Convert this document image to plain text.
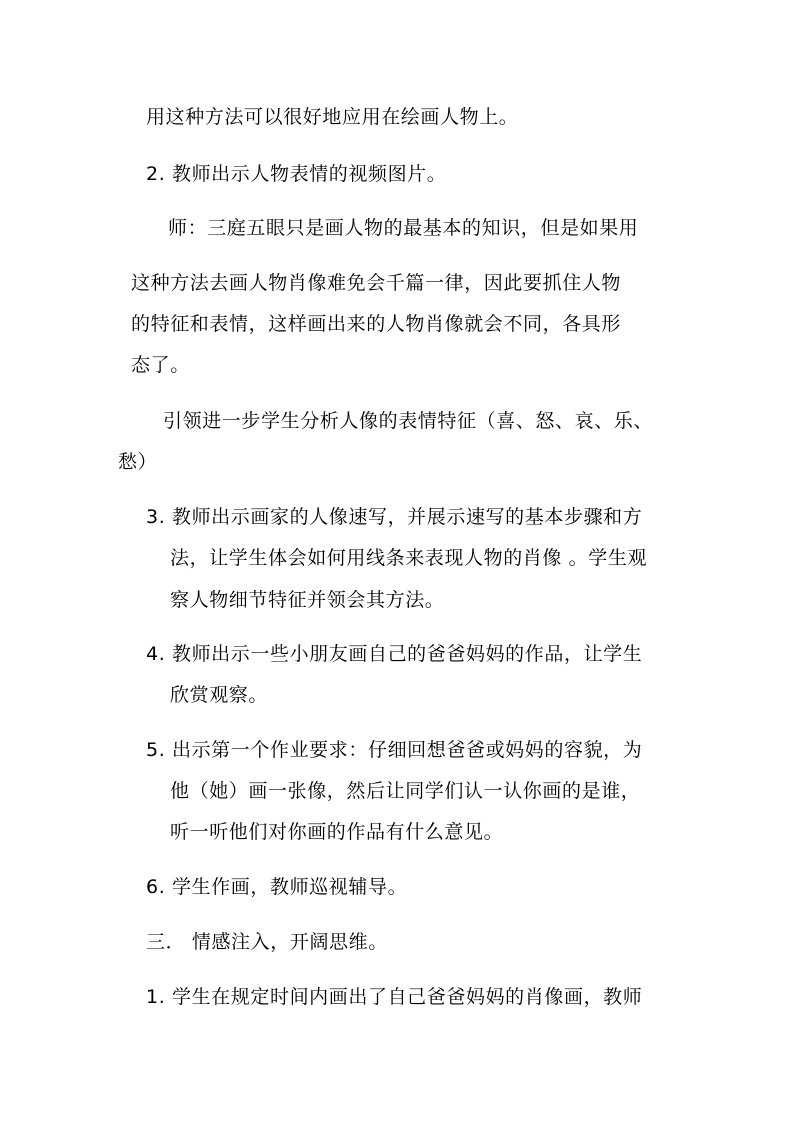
用这种方法可以很好地应用在绘画人物上。
2. 教师出示人物表情的视频图片。
师：三庭五眼只是画人物的最基本的知识，但是如果用
这种方法去画人物肖像难免会千篇一律，因此要抓住人物
的特征和表情，这样画出来的人物肖像就会不同，各具形
态了。
引领进一步学生分析人像的表情特征（喜、怒、哀、乐、
愁）
3. 教师出示画家的人像速写，并展示速写的基本步骤和方
法，让学生体会如何用线条来表现人物的肖像 。学生观
察人物细节特征并领会其方法。
4. 教师出示一些小朋友画自己的爸爸妈妈的作品，让学生
欣赏观察。
5. 出示第一个作业要求：仔细回想爸爸或妈妈的容貌，为
他（她）画一张像，然后让同学们认一认你画的是谁，
听一听他们对你画的作品有什么意见。
6. 学生作画，教师巡视辅导。
三． 情感注入，开阔思维。
1. 学生在规定时间内画出了自己爸爸妈妈的肖像画，教师
